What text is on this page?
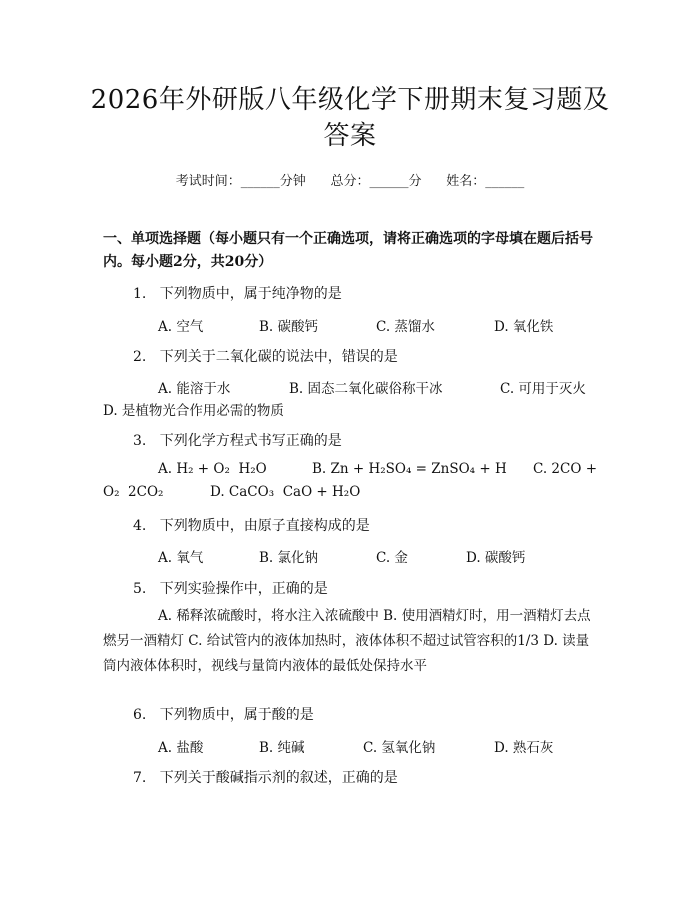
2026年外研版八年级化学下册期末复习题及答案
考试时间：______分钟      总分：______分      姓名：______
一、单项选择题（每小题只有一个正确选项，请将正确选项的字母填在题后括号内。每小题2分，共20分）
1.   下列物质中，属于纯净物的是
A. 空气	B. 碳酸钙	C. 蒸馏水	D. 氧化铁
2.   下列关于二氧化碳的说法中，错误的是
A. 能溶于水	B. 固态二氧化碳俗称干冰	C. 可用于灭火
D. 是植物光合作用必需的物质
3.   下列化学方程式书写正确的是
A. H₂ + O₂  H₂O	B. Zn + H₂SO₄ = ZnSO₄ + H C. 2CO +
O₂  2CO₂	D. CaCO₃  CaO + H₂O
4.   下列物质中，由原子直接构成的是
A. 氧气	B. 氯化钠	C. 金	D. 碳酸钙
5.   下列实验操作中，正确的是
A. 稀释浓硫酸时，将水注入浓硫酸中 B. 使用酒精灯时，用一酒精灯去点燃另一酒精灯 C. 给试管内的液体加热时，液体体积不超过试管容积的1/3 D. 读量筒内液体体积时，视线与量筒内液体的最低处保持水平
6.   下列物质中，属于酸的是
A. 盐酸	B. 纯碱	C. 氢氧化钠	D. 熟石灰
7.   下列关于酸碱指示剂的叙述，正确的是
